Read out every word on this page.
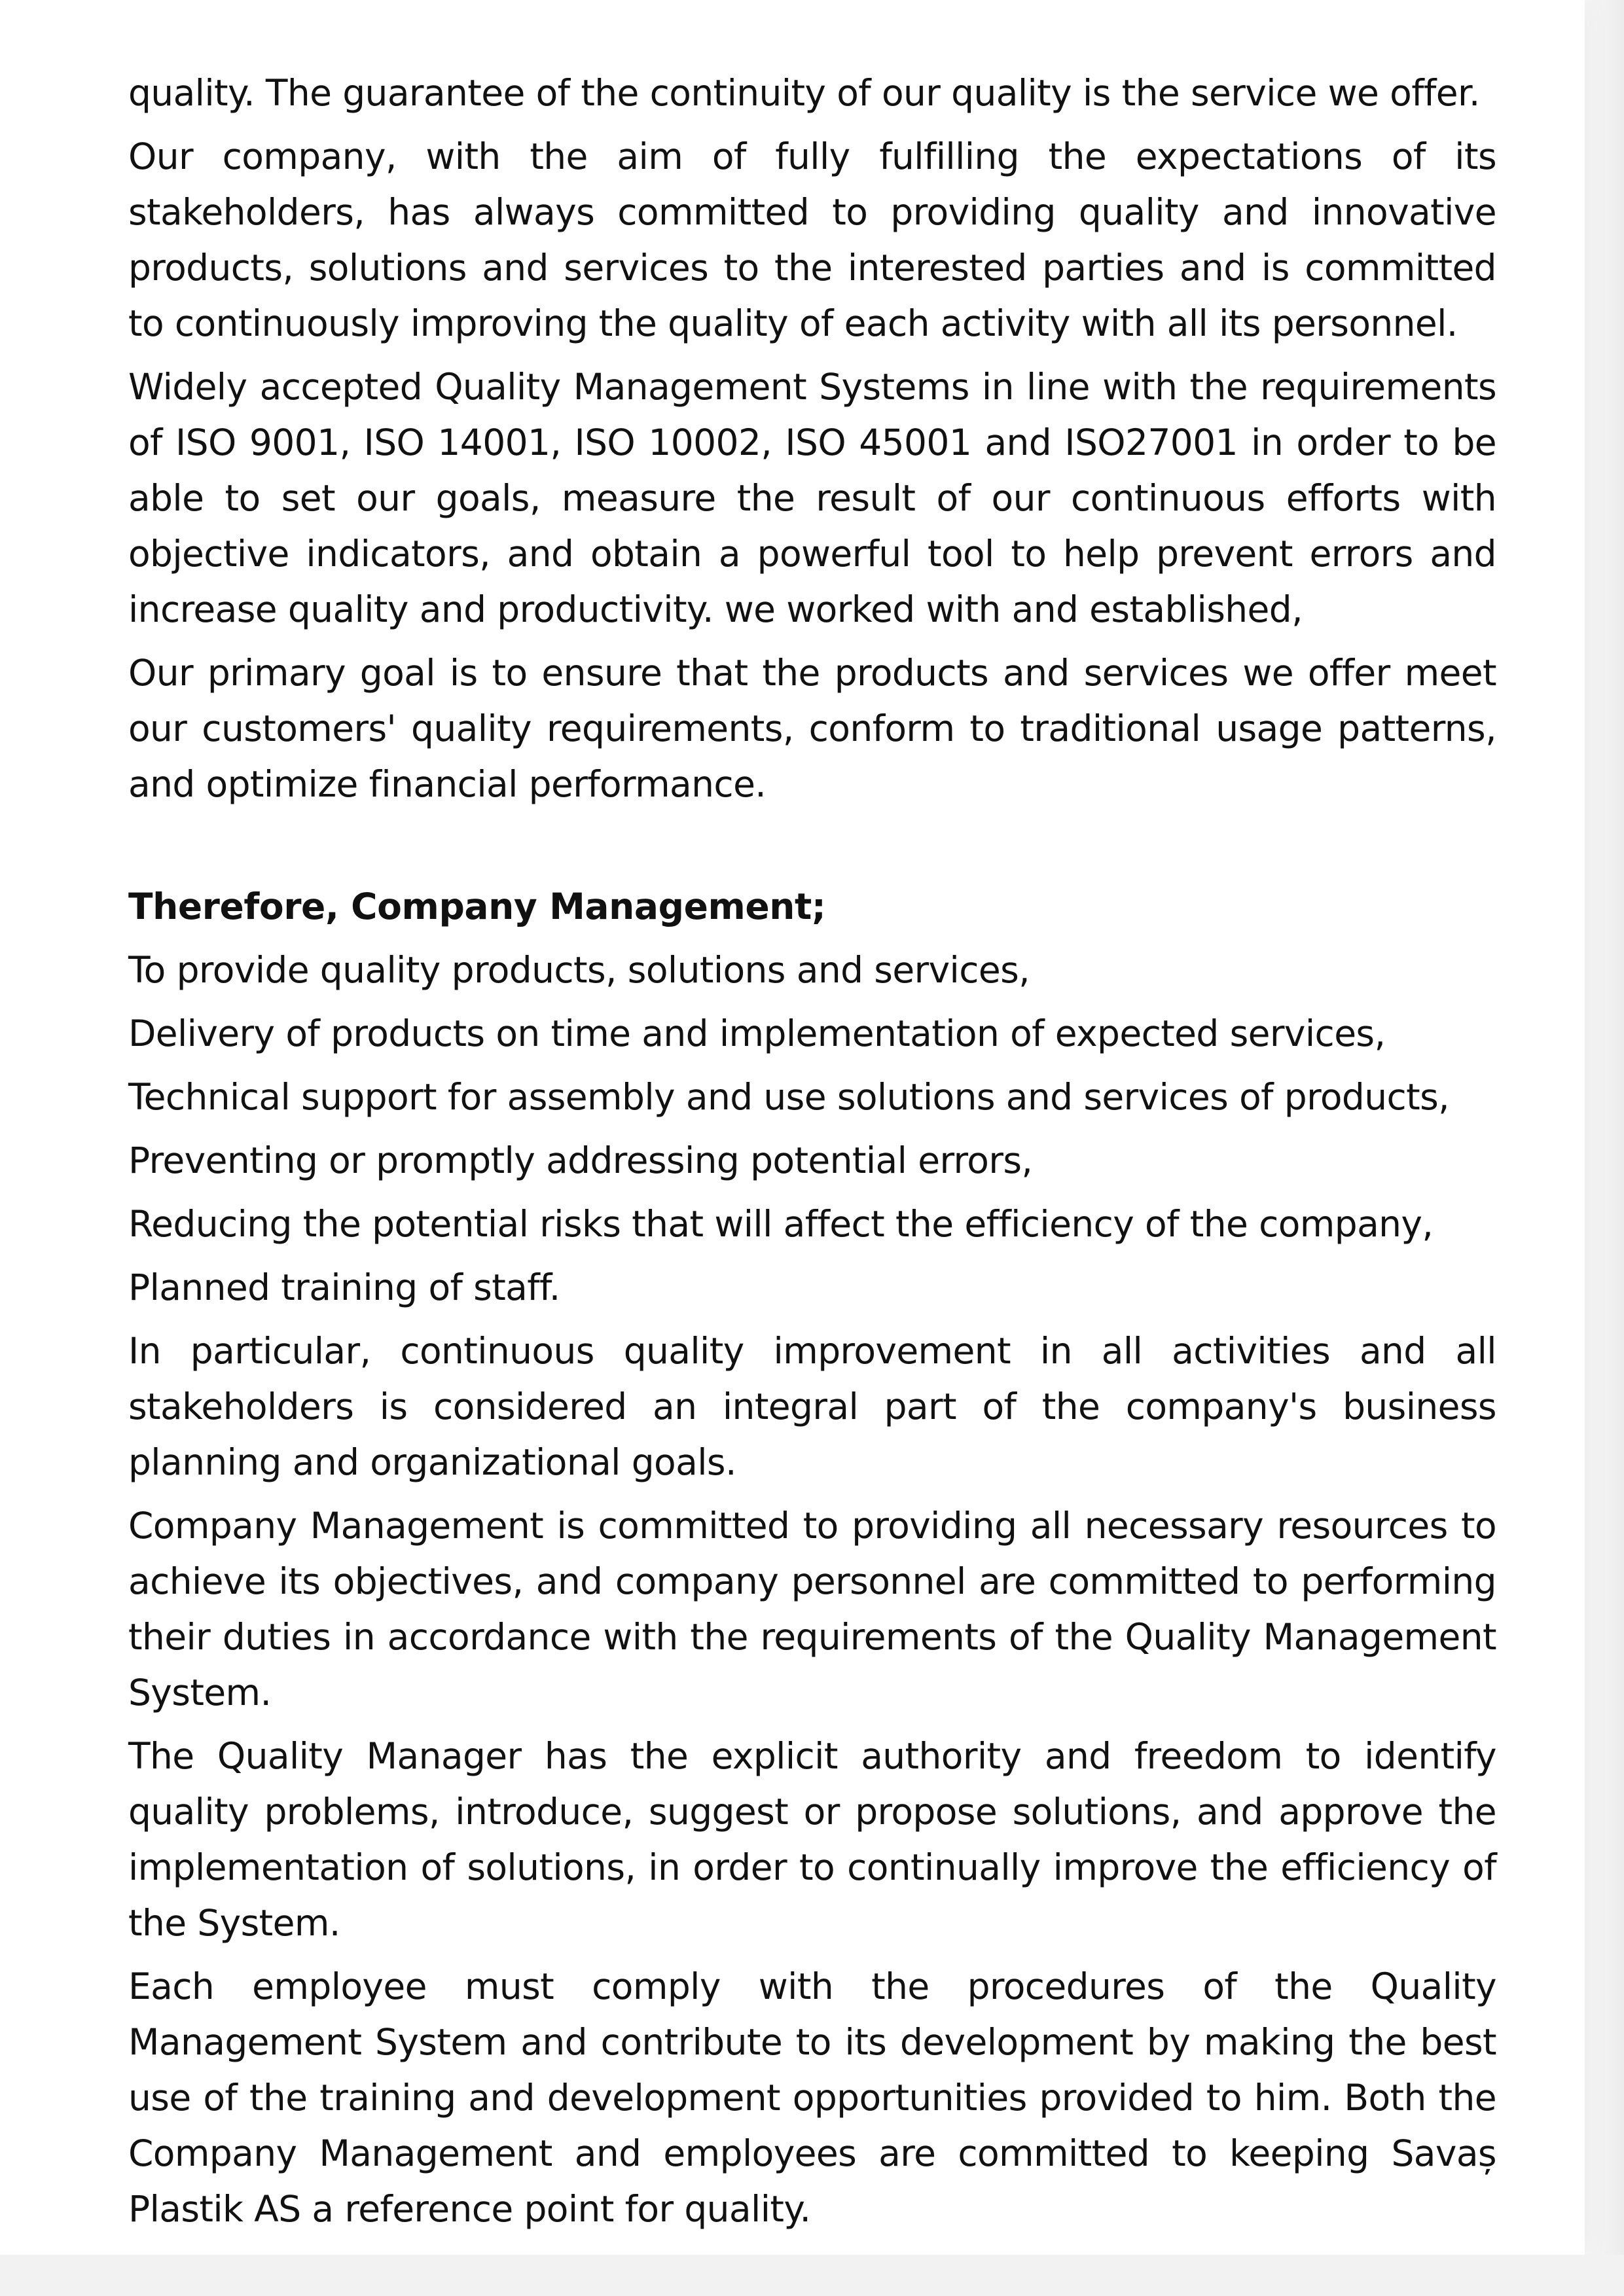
quality. The guarantee of the continuity of our quality is the service we offer.

Our company, with the aim of fully fulfilling the expectations of its stakeholders, has always committed to providing quality and innovative products, solutions and services to the interested parties and is committed to continuously improving the quality of each activity with all its personnel.

Widely accepted Quality Management Systems in line with the requirements of ISO 9001, ISO 14001, ISO 10002, ISO 45001 and ISO27001 in order to be able to set our goals, measure the result of our continuous efforts with objective indicators, and obtain a powerful tool to help prevent errors and increase quality and productivity. we worked with and established,

Our primary goal is to ensure that the products and services we offer meet our customers' quality requirements, conform to traditional usage patterns, and optimize financial performance.

Therefore, Company Management;

To provide quality products, solutions and services,

Delivery of products on time and implementation of expected services,

Technical support for assembly and use solutions and services of products,

Preventing or promptly addressing potential errors,

Reducing the potential risks that will affect the efficiency of the company,

Planned training of staff.

In particular, continuous quality improvement in all activities and all stakeholders is considered an integral part of the company's business planning and organizational goals.

Company Management is committed to providing all necessary resources to achieve its objectives, and company personnel are committed to performing their duties in accordance with the requirements of the Quality Management System.

The Quality Manager has the explicit authority and freedom to identify quality problems, introduce, suggest or propose solutions, and approve the implementation of solutions, in order to continually improve the efficiency of the System.

Each employee must comply with the procedures of the Quality Management System and contribute to its development by making the best use of the training and development opportunities provided to him. Both the Company Management and employees are committed to keeping Savaș Plastik AS a reference point for quality.
